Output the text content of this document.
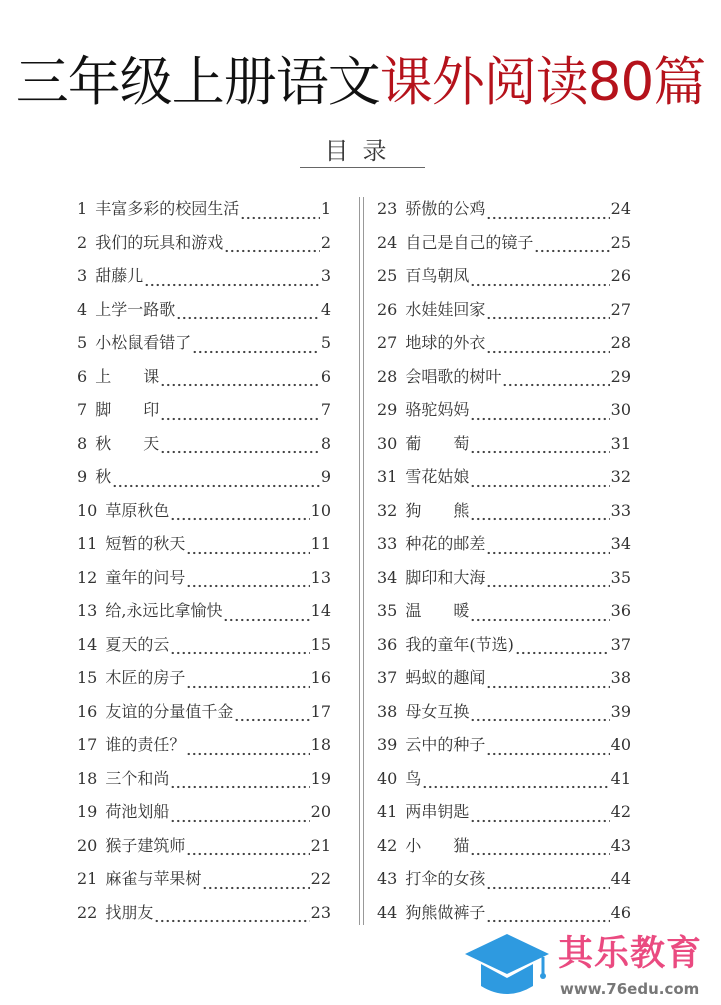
三年级上册语文课外阅读80篇
目录
1 丰富多彩的校园生活	1
2 我们的玩具和游戏	2
3 甜藤儿	3
4 上学一路歌	4
5 小松鼠看错了	5
6 上　　课	6
7 脚　　印	7
8 秋　　天	8
9 秋	9
10 草原秋色	10
11 短暂的秋天	11
12 童年的问号	13
13 给,永远比拿愉快	14
14 夏天的云	15
15 木匠的房子	16
16 友谊的分量值千金	17
17 谁的责任？	18
18 三个和尚	19
19 荷池划船	20
20 猴子建筑师	21
21 麻雀与苹果树	22
22 找朋友	23
23 骄傲的公鸡	24
24 自己是自己的镜子	25
25 百鸟朝凤	26
26 水娃娃回家	27
27 地球的外衣	28
28 会唱歌的树叶	29
29 骆驼妈妈	30
30 葡　　萄	31
31 雪花姑娘	32
32 狗　　熊	33
33 种花的邮差	34
34 脚印和大海	35
35 温　　暖	36
36 我的童年(节选)	37
37 蚂蚁的趣闻	38
38 母女互换	39
39 云中的种子	40
40 鸟	41
41 两串钥匙	42
42 小　　猫	43
43 打伞的女孩	44
44 狗熊做裤子	46
其乐教育
www.76edu.com
